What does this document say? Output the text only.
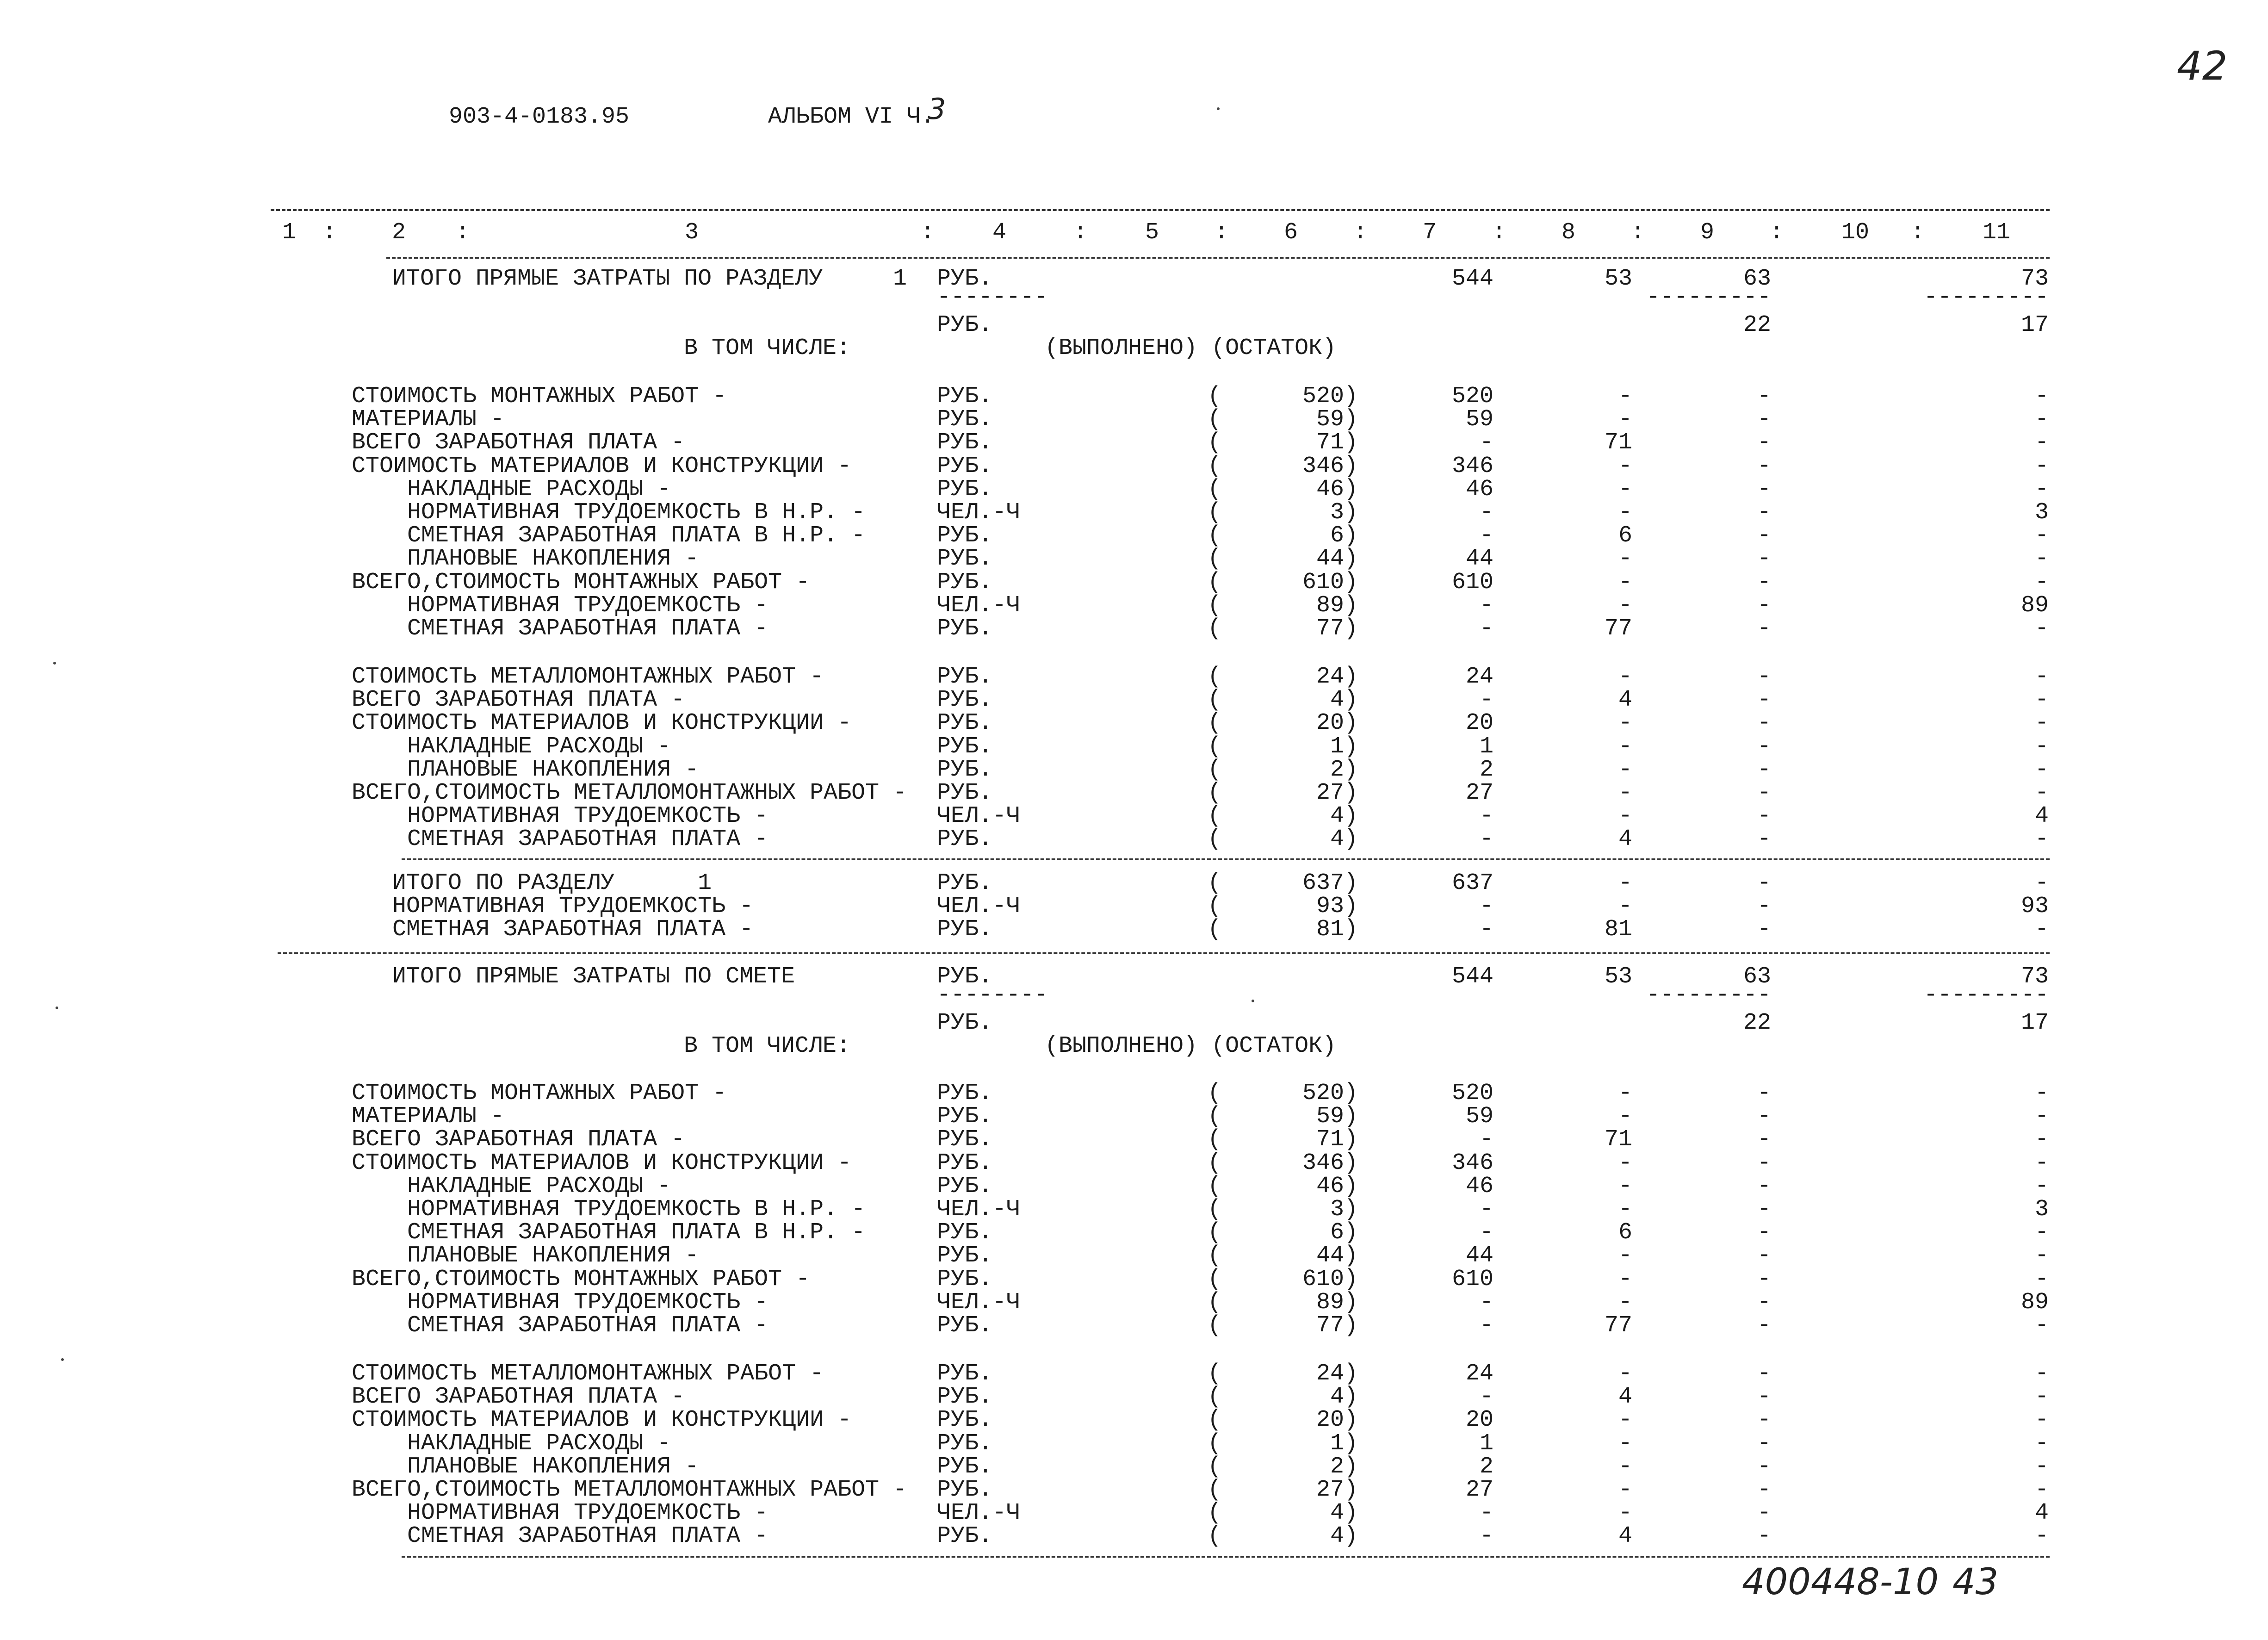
903-4-0183.95	АЛЬБОМ VI Ч.
3
42
400448-10 43
1 : 2 :	3	: 4	: 5 : 6 : 7 : 8 : 9 : 10 : 11
ИТОГО ПРЯМЫЕ ЗАТРАТЫ ПО РАЗДЕЛУ	1 РУБ.	544	53	63	73
--------	---------	---------
РУБ.	22	17
В ТОМ ЧИСЛЕ:	(ВЫПОЛНЕНО) (ОСТАТОК)
СТОИМОСТЬ МОНТАЖНЫХ РАБОТ -	РУБ.	(	520)	520	-	-	-
МАТЕРИАЛЫ -	РУБ.	(	59)	59	-	-	-
ВСЕГО ЗАРАБОТНАЯ ПЛАТА -	РУБ.	(	71)	-	71	-	-
СТОИМОСТЬ МАТЕРИАЛОВ И КОНСТРУКЦИИ -	РУБ.	(	346)	346	-	-	-
НАКЛАДНЫЕ РАСХОДЫ -	РУБ.	(	46)	46	-	-	-
НОРМАТИВНАЯ ТРУДОЕМКОСТЬ В Н.Р. -	ЧЕЛ.-Ч	(	3)	-	-	-	3
СМЕТНАЯ ЗАРАБОТНАЯ ПЛАТА В Н.Р. -	РУБ.	(	6)	-	6	-	-
ПЛАНОВЫЕ НАКОПЛЕНИЯ -	РУБ.	(	44)	44	-	-	-
ВСЕГО,СТОИМОСТЬ МОНТАЖНЫХ РАБОТ -	РУБ.	(	610)	610	-	-	-
НОРМАТИВНАЯ ТРУДОЕМКОСТЬ -	ЧЕЛ.-Ч	(	89)	-	-	-	89
СМЕТНАЯ ЗАРАБОТНАЯ ПЛАТА -	РУБ.	(	77)	-	77	-	-
СТОИМОСТЬ МЕТАЛЛОМОНТАЖНЫХ РАБОТ -	РУБ.	(	24)	24	-	-	-
ВСЕГО ЗАРАБОТНАЯ ПЛАТА -	РУБ.	(	4)	-	4	-	-
СТОИМОСТЬ МАТЕРИАЛОВ И КОНСТРУКЦИИ -	РУБ.	(	20)	20	-	-	-
НАКЛАДНЫЕ РАСХОДЫ -	РУБ.	(	1)	1	-	-	-
ПЛАНОВЫЕ НАКОПЛЕНИЯ -	РУБ.	(	2)	2	-	-	-
ВСЕГО,СТОИМОСТЬ МЕТАЛЛОМОНТАЖНЫХ РАБОТ - РУБ.	(	27)	27	-	-	-
НОРМАТИВНАЯ ТРУДОЕМКОСТЬ -	ЧЕЛ.-Ч	(	4)	-	-	-	4
СМЕТНАЯ ЗАРАБОТНАЯ ПЛАТА -	РУБ.	(	4)	-	4	-	-
ИТОГО ПО РАЗДЕЛУ      1	РУБ.	(	637)	637	-	-	-
НОРМАТИВНАЯ ТРУДОЕМКОСТЬ -	ЧЕЛ.-Ч	(	93)	-	-	-	93
СМЕТНАЯ ЗАРАБОТНАЯ ПЛАТА -	РУБ.	(	81)	-	81	-	-
ИТОГО ПРЯМЫЕ ЗАТРАТЫ ПО СМЕТЕ	РУБ.	544	53	63	73
--------	---------	---------
РУБ.	22	17
В ТОМ ЧИСЛЕ:	(ВЫПОЛНЕНО) (ОСТАТОК)
СТОИМОСТЬ МОНТАЖНЫХ РАБОТ -	РУБ.	(	520)	520	-	-	-
МАТЕРИАЛЫ -	РУБ.	(	59)	59	-	-	-
ВСЕГО ЗАРАБОТНАЯ ПЛАТА -	РУБ.	(	71)	-	71	-	-
СТОИМОСТЬ МАТЕРИАЛОВ И КОНСТРУКЦИИ -	РУБ.	(	346)	346	-	-	-
НАКЛАДНЫЕ РАСХОДЫ -	РУБ.	(	46)	46	-	-	-
НОРМАТИВНАЯ ТРУДОЕМКОСТЬ В Н.Р. -	ЧЕЛ.-Ч	(	3)	-	-	-	3
СМЕТНАЯ ЗАРАБОТНАЯ ПЛАТА В Н.Р. -	РУБ.	(	6)	-	6	-	-
ПЛАНОВЫЕ НАКОПЛЕНИЯ -	РУБ.	(	44)	44	-	-	-
ВСЕГО,СТОИМОСТЬ МОНТАЖНЫХ РАБОТ -	РУБ.	(	610)	610	-	-	-
НОРМАТИВНАЯ ТРУДОЕМКОСТЬ -	ЧЕЛ.-Ч	(	89)	-	-	-	89
СМЕТНАЯ ЗАРАБОТНАЯ ПЛАТА -	РУБ.	(	77)	-	77	-	-
СТОИМОСТЬ МЕТАЛЛОМОНТАЖНЫХ РАБОТ -	РУБ.	(	24)	24	-	-	-
ВСЕГО ЗАРАБОТНАЯ ПЛАТА -	РУБ.	(	4)	-	4	-	-
СТОИМОСТЬ МАТЕРИАЛОВ И КОНСТРУКЦИИ -	РУБ.	(	20)	20	-	-	-
НАКЛАДНЫЕ РАСХОДЫ -	РУБ.	(	1)	1	-	-	-
ПЛАНОВЫЕ НАКОПЛЕНИЯ -	РУБ.	(	2)	2	-	-	-
ВСЕГО,СТОИМОСТЬ МЕТАЛЛОМОНТАЖНЫХ РАБОТ - РУБ.	(	27)	27	-	-	-
НОРМАТИВНАЯ ТРУДОЕМКОСТЬ -	ЧЕЛ.-Ч	(	4)	-	-	-	4
СМЕТНАЯ ЗАРАБОТНАЯ ПЛАТА -	РУБ.	(	4)	-	4	-	-
